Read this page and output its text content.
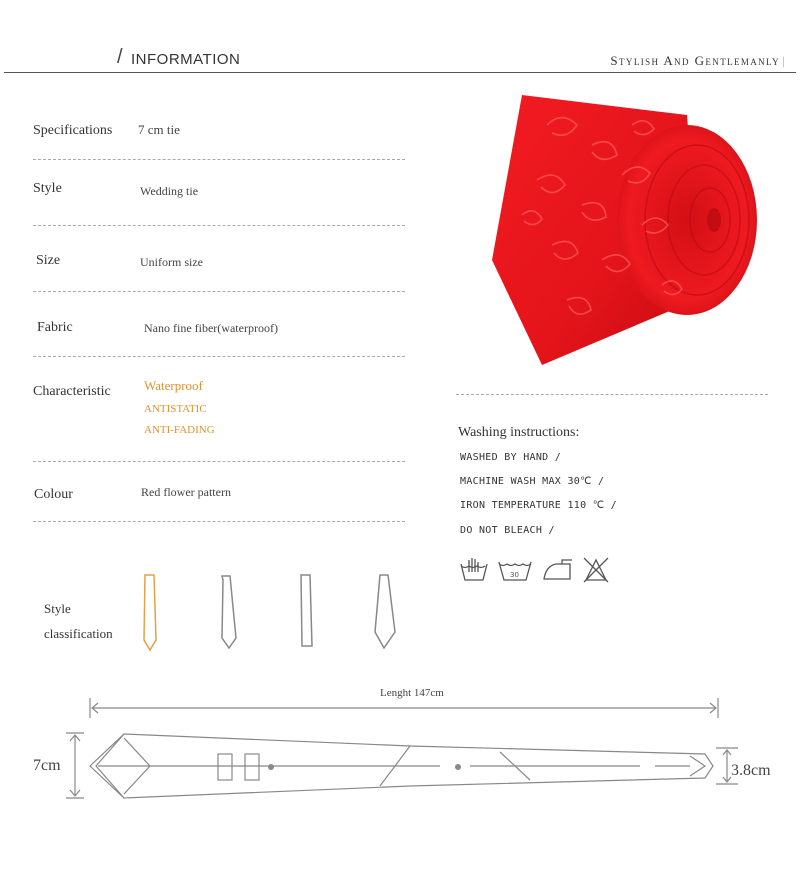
/ INFORMATION	Stylish And Gentlemanly |
Specifications 7 cm tie
Style	Wedding tie
Size	Uniform size
Fabric	Nano fine fiber(waterproof)
Characteristic	Waterproof
ANTISTATIC
ANTI-FADING
Colour	Red flower pattern
Washing instructions:
WASHED BY HAND /
MACHINE WASH MAX 30℃ /
IRON TEMPERATURE 110 ℃ /
DO NOT BLEACH /
30
Style
classification
Lenght 147cm
7cm	3.8cm
